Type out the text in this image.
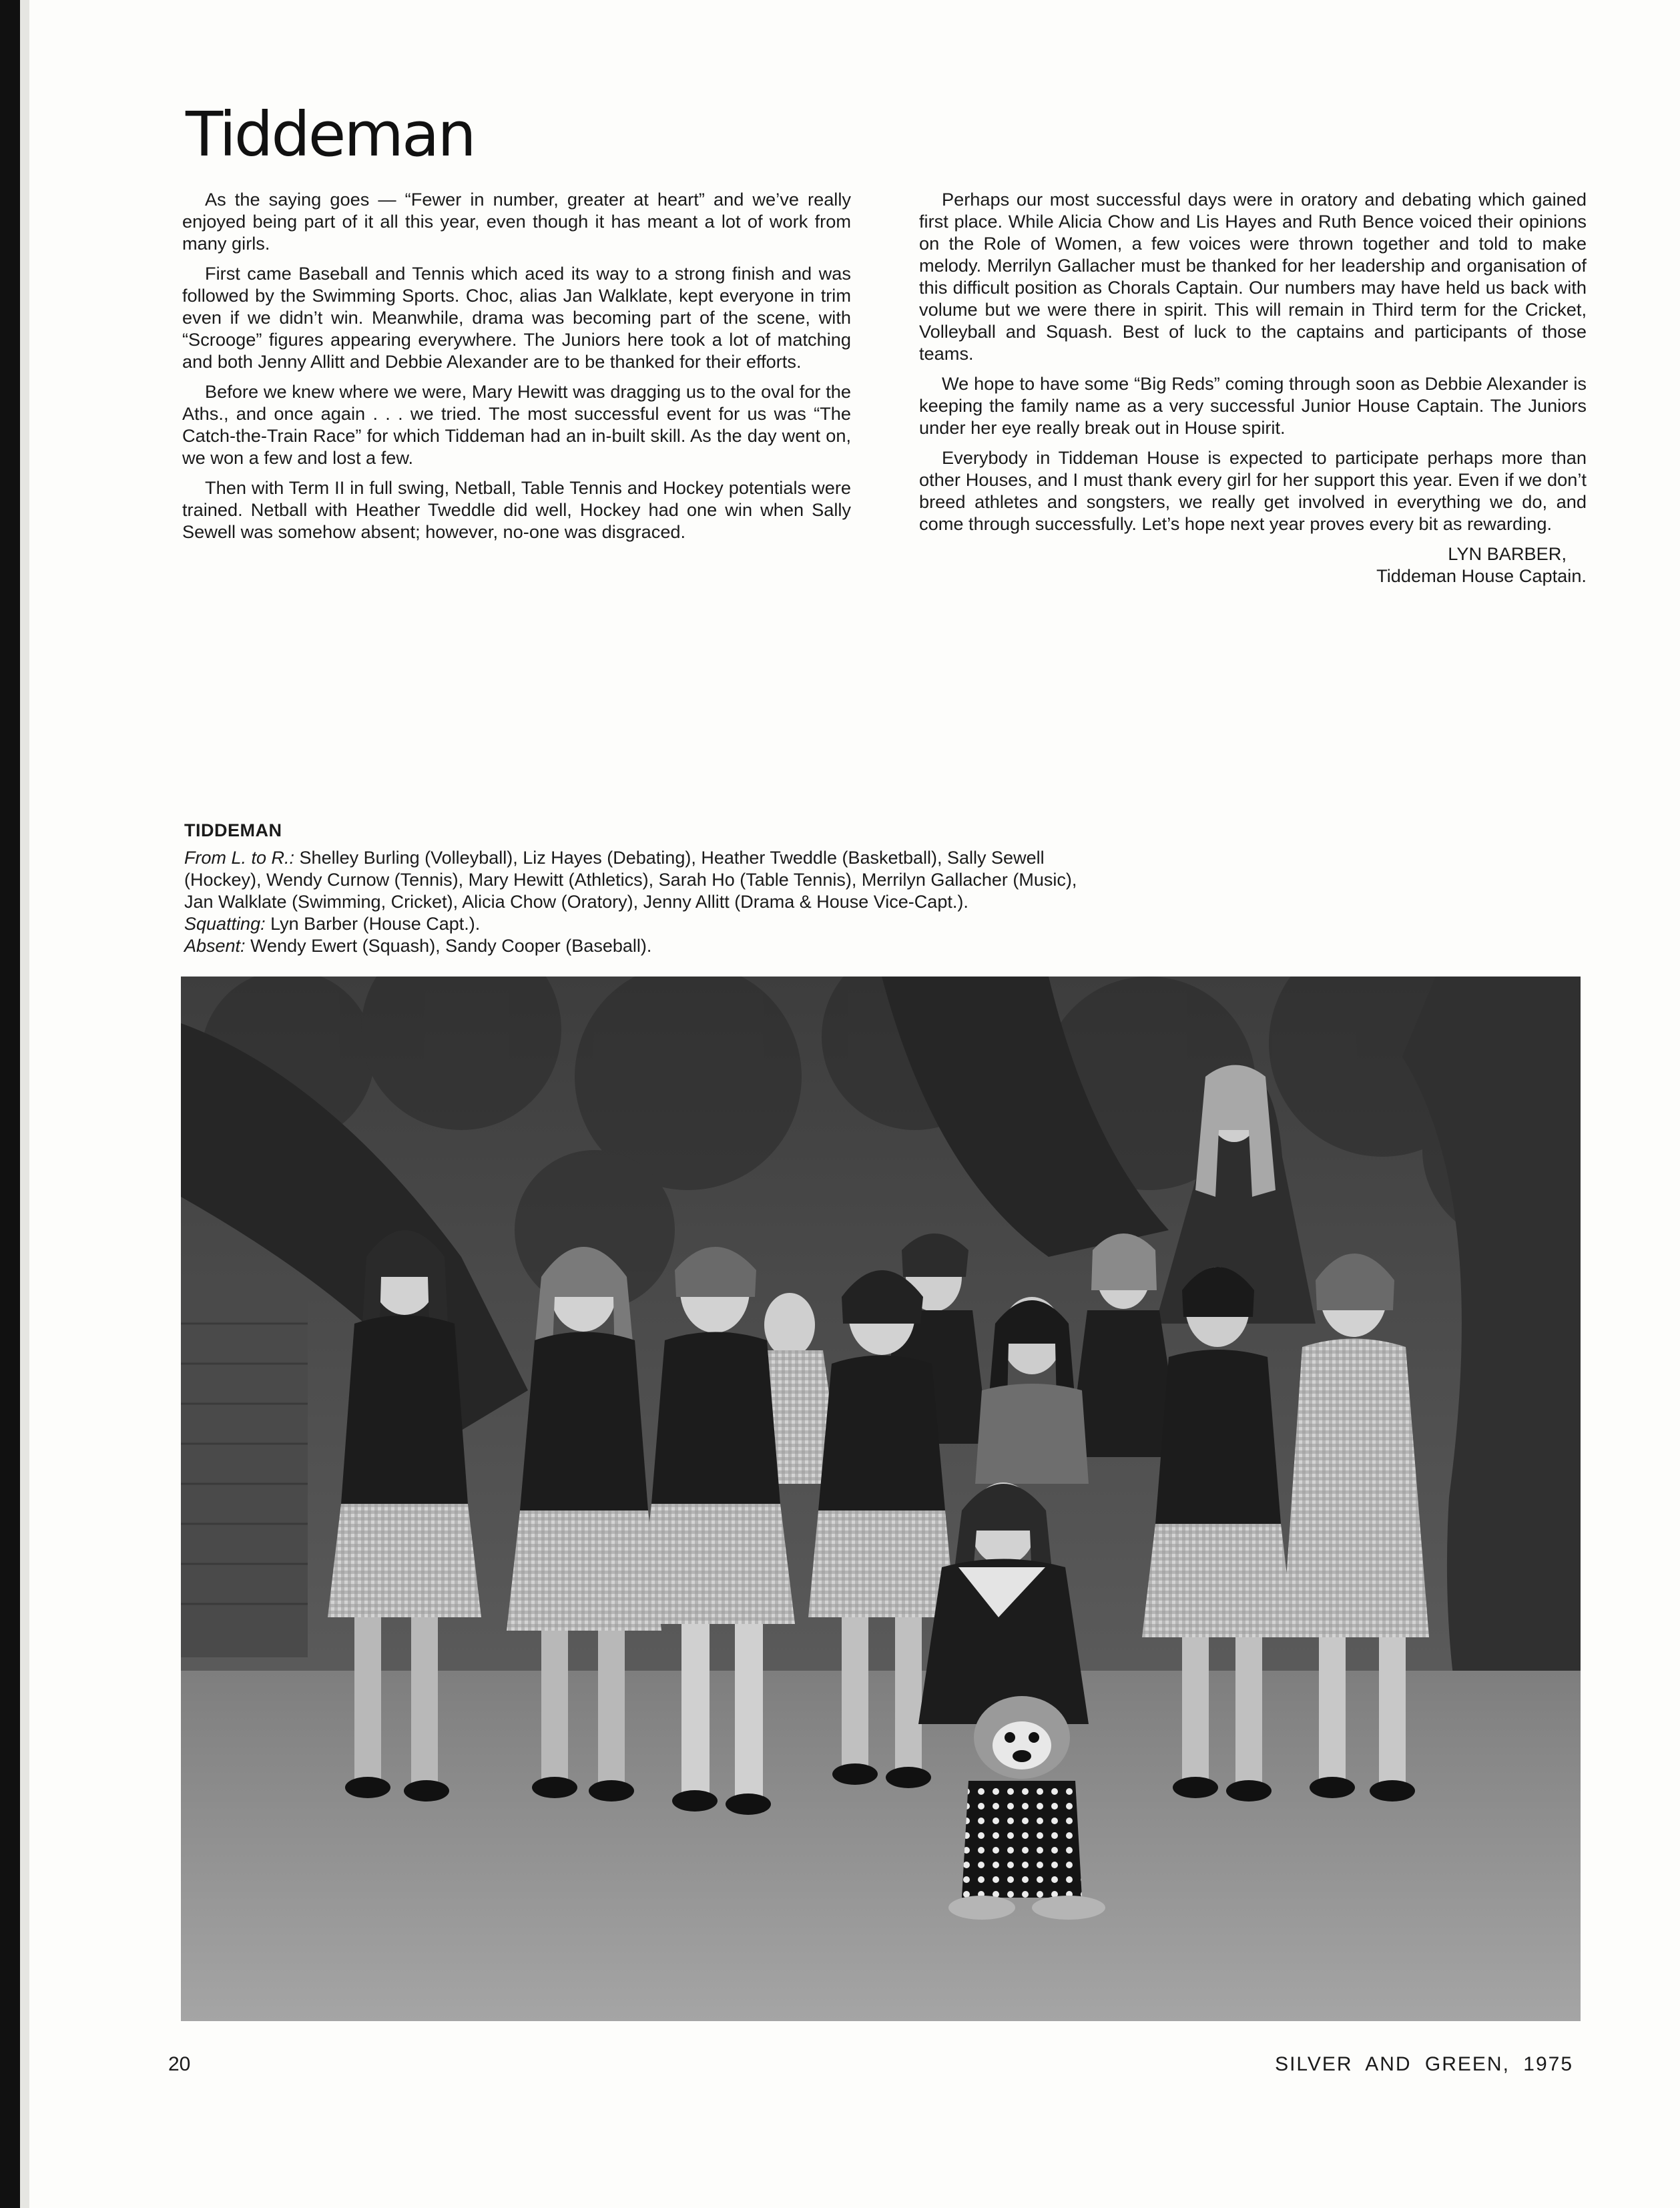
Tiddeman

As the saying goes — “Fewer in number, greater at heart” and we’ve really enjoyed being part of it all this year, even though it has meant a lot of work from many girls.

First came Baseball and Tennis which aced its way to a strong finish and was followed by the Swimming Sports. Choc, alias Jan Walklate, kept everyone in trim even if we didn’t win. Meanwhile, drama was becoming part of the scene, with “Scrooge” figures appearing everywhere. The Juniors here took a lot of matching and both Jenny Allitt and Debbie Alexander are to be thanked for their efforts.

Before we knew where we were, Mary Hewitt was dragging us to the oval for the Aths., and once again . . . we tried. The most successful event for us was “The Catch-the-Train Race” for which Tiddeman had an in-built skill. As the day went on, we won a few and lost a few.

Then with Term II in full swing, Netball, Table Tennis and Hockey potentials were trained. Netball with Heather Tweddle did well, Hockey had one win when Sally Sewell was somehow absent; however, no-one was disgraced.

Perhaps our most successful days were in oratory and debating which gained first place. While Alicia Chow and Lis Hayes and Ruth Bence voiced their opinions on the Role of Women, a few voices were thrown together and told to make melody. Merrilyn Gallacher must be thanked for her leadership and organisation of this difficult position as Chorals Captain. Our numbers may have held us back with volume but we were there in spirit. This will remain in Third term for the Cricket, Volleyball and Squash. Best of luck to the captains and participants of those teams.

We hope to have some “Big Reds” coming through soon as Debbie Alexander is keeping the family name as a very successful Junior House Captain. The Juniors under her eye really break out in House spirit.

Everybody in Tiddeman House is expected to participate perhaps more than other Houses, and I must thank every girl for her support this year. Even if we don’t breed athletes and songsters, we really get involved in everything we do, and come through successfully. Let’s hope next year proves every bit as rewarding.

LYN BARBER,
Tiddeman House Captain.
TIDDEMAN
From L. to R.: Shelley Burling (Volleyball), Liz Hayes (Debating), Heather Tweddle (Basketball), Sally Sewell
(Hockey), Wendy Curnow (Tennis), Mary Hewitt (Athletics), Sarah Ho (Table Tennis), Merrilyn Gallacher (Music),
Jan Walklate (Swimming, Cricket), Alicia Chow (Oratory), Jenny Allitt (Drama & House Vice-Capt.).
Squatting: Lyn Barber (House Capt.).
Absent: Wendy Ewert (Squash), Sandy Cooper (Baseball).
20	SILVER AND GREEN, 1975
